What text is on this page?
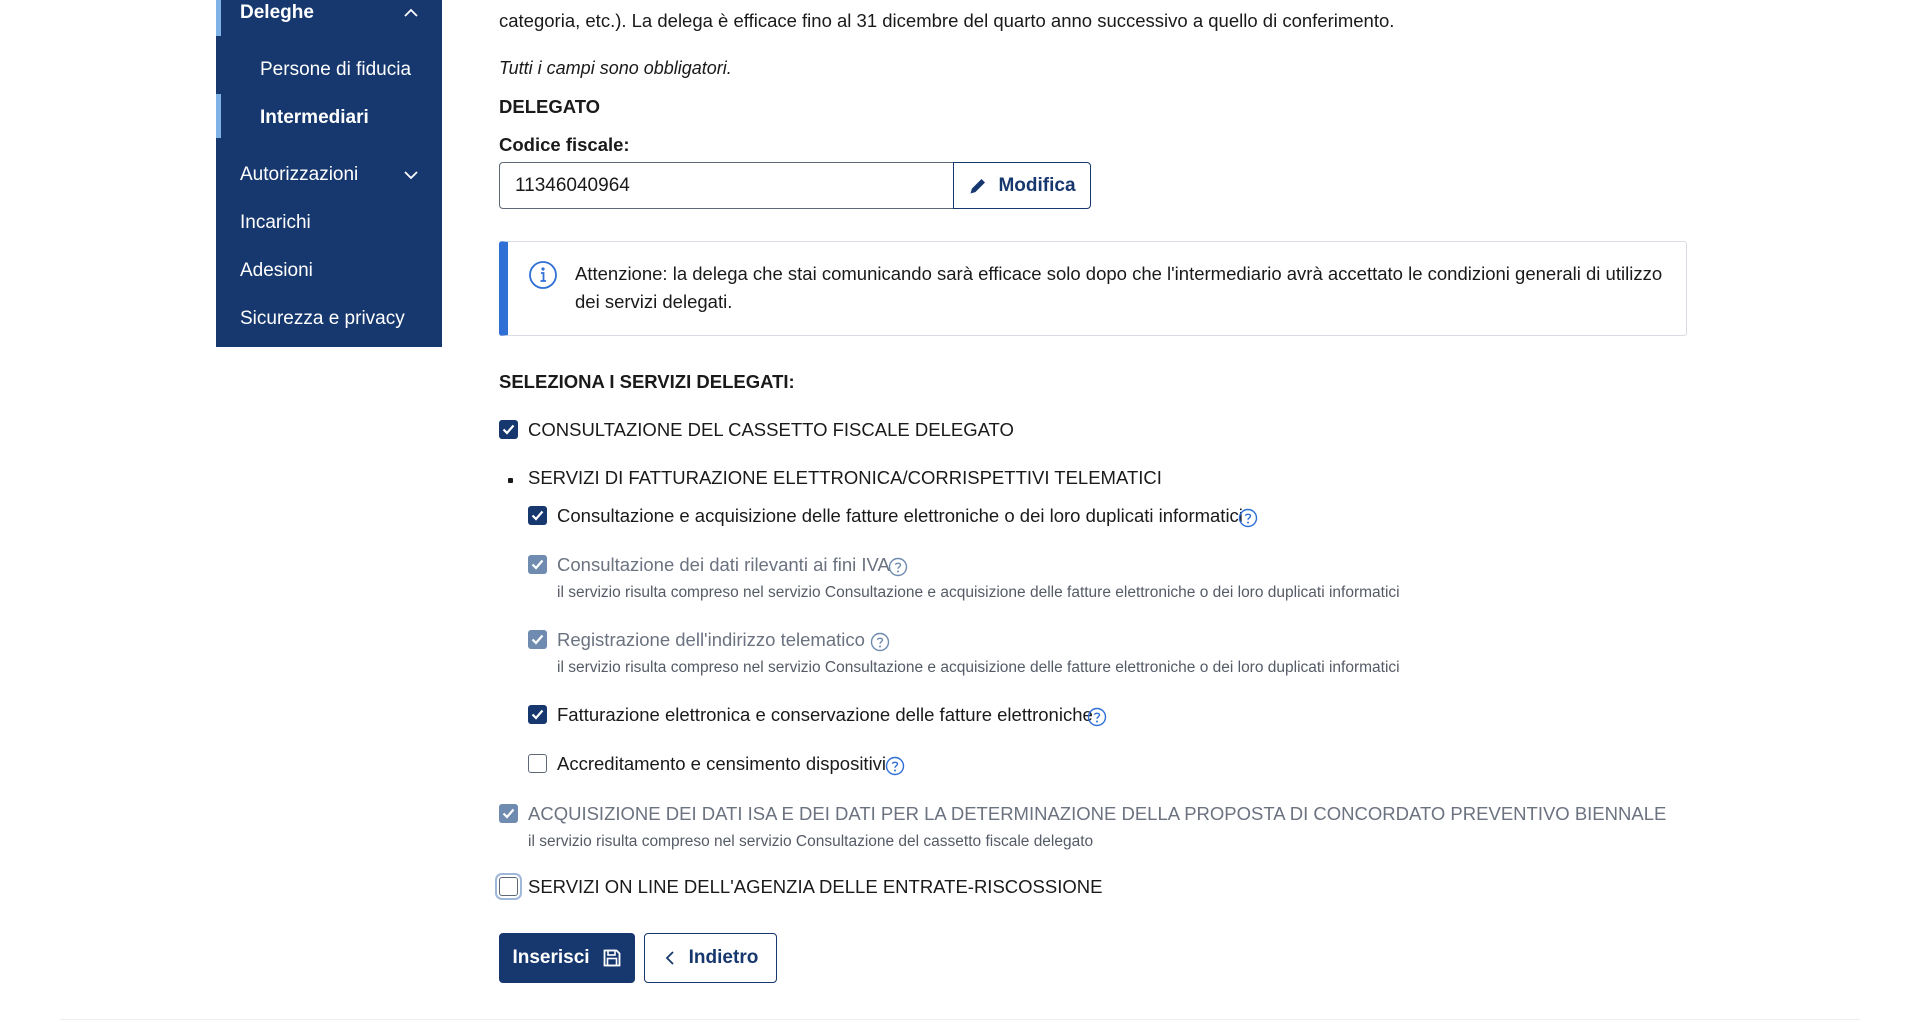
Deleghe
Persone di fiducia
Intermediari
Autorizzazioni
Incarichi
Adesioni
Sicurezza e privacy
categoria, etc.). La delega è efficace fino al 31 dicembre del quarto anno successivo a quello di conferimento.
Tutti i campi sono obbligatori.
DELEGATO
Codice fiscale:
11346040964
Modifica
Attenzione: la delega che stai comunicando sarà efficace solo dopo che l'intermediario avrà accettato le condizioni generali di utilizzo dei servizi delegati.
SELEZIONA I SERVIZI DELEGATI:
CONSULTAZIONE DEL CASSETTO FISCALE DELEGATO
SERVIZI DI FATTURAZIONE ELETTRONICA/CORRISPETTIVI TELEMATICI
Consultazione e acquisizione delle fatture elettroniche o dei loro duplicati informatici
Consultazione dei dati rilevanti ai fini IVA
il servizio risulta compreso nel servizio Consultazione e acquisizione delle fatture elettroniche o dei loro duplicati informatici
Registrazione dell'indirizzo telematico
il servizio risulta compreso nel servizio Consultazione e acquisizione delle fatture elettroniche o dei loro duplicati informatici
Fatturazione elettronica e conservazione delle fatture elettroniche
Accreditamento e censimento dispositivi
ACQUISIZIONE DEI DATI ISA E DEI DATI PER LA DETERMINAZIONE DELLA PROPOSTA DI CONCORDATO PREVENTIVO BIENNALE
il servizio risulta compreso nel servizio Consultazione del cassetto fiscale delegato
SERVIZI ON LINE DELL'AGENZIA DELLE ENTRATE-RISCOSSIONE
Inserisci	Indietro
